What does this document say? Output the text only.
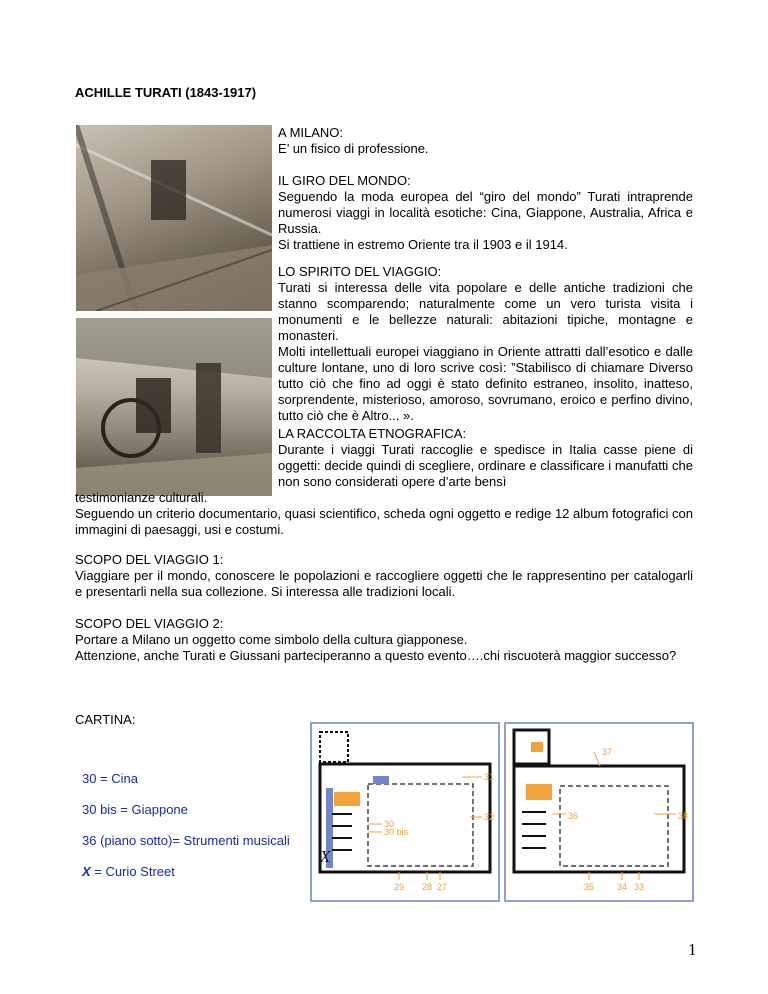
ACHILLE TURATI (1843-1917)

A MILANO:

E’ un fisico di professione.

IL GIRO DEL MONDO:

Seguendo la moda europea del “giro del mondo” Turati intraprende numerosi viaggi in località esotiche: Cina, Giappone, Australia, Africa e Russia.

Si trattiene in estremo Oriente tra il 1903 e il 1914.

LO SPIRITO DEL VIAGGIO:

Turati si interessa delle vita popolare e delle antiche tradizioni che stanno scomparendo; naturalmente come un vero turista visita i monumenti e le bellezze naturali: abitazioni tipiche, montagne e monasteri.

Molti intellettuali europei viaggiano in Oriente attratti dall’esotico e dalle culture lontane, uno di loro scrive così: ”Stabilisco di chiamare Diverso tutto ciò che fino ad oggi è stato definito estraneo, insolito, inatteso, sorprendente, misterioso, amoroso, sovrumano, eroico e perfino divino, tutto ciò che è Altro... ».

LA RACCOLTA ETNOGRAFICA:

Durante i viaggi Turati raccoglie e spedisce in Italia casse piene di oggetti: decide quindi di scegliere, ordinare e classificare i manufatti che non sono considerati opere d’arte bensì

testimonianze culturali.

Seguendo un criterio documentario, quasi scientifico, scheda ogni oggetto e redige 12 album fotografici con immagini di paesaggi, usi e costumi.

SCOPO DEL VIAGGIO 1:

Viaggiare per il mondo, conoscere le popolazioni e raccogliere oggetti che le rappresentino per catalogarli e presentarli nella sua collezione. Si interessa alle tradizioni locali.

SCOPO DEL VIAGGIO 2:

Portare a Milano un oggetto come simbolo della cultura giapponese.

Attenzione, anche Turati e Giussani parteciperanno a questo evento….chi riscuoterà maggior successo?

CARTINA:
30 = Cina
30 bis = Giappone
36 (piano sotto)= Strumenti musicali
X = Curio Street
31
32
30
30 bis
29 28 27
X
37
36	38
35	34 33
1
